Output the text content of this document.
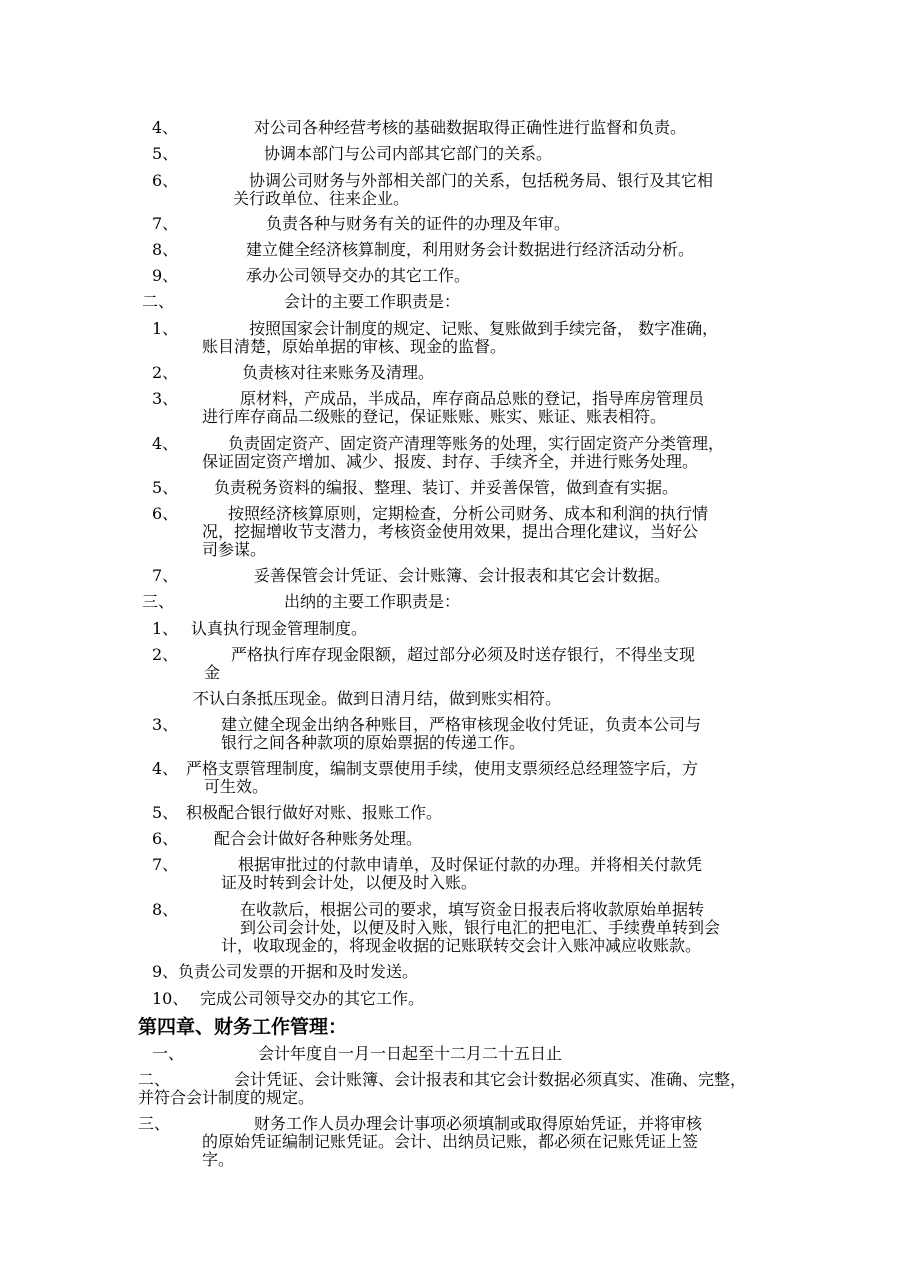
4、	对公司各种经营考核的基础数据取得正确性进行监督和负责。
5、	协调本部门与公司内部其它部门的关系。
6、	协调公司财务与外部相关部门的关系，包括税务局、银行及其它相
关行政单位、往来企业。
7、	负责各种与财务有关的证件的办理及年审。
8、	建立健全经济核算制度，利用财务会计数据进行经济活动分析。
9、	承办公司领导交办的其它工作。
二、	会计的主要工作职责是：
1、	按照国家会计制度的规定、记账、复账做到手续完备， 数字准确，
账目清楚，原始单据的审核、现金的监督。
2、	负责核对往来账务及清理。
3、	原材料，产成品，半成品，库存商品总账的登记，指导库房管理员
进行库存商品二级账的登记，保证账账、账实、账证、账表相符。
4、	负责固定资产、固定资产清理等账务的处理，实行固定资产分类管理，
保证固定资产增加、减少、报废、封存、手续齐全，并进行账务处理。
5、 负责税务资料的编报、整理、装订、并妥善保管，做到查有实据。
6、	按照经济核算原则，定期检查，分析公司财务、成本和利润的执行情
况，挖掘增收节支潜力，考核资金使用效果，提出合理化建议，当好公
司参谋。
7、	妥善保管会计凭证、会计账簿、会计报表和其它会计数据。
三、	出纳的主要工作职责是：
1、 认真执行现金管理制度。
2、	严格执行库存现金限额，超过部分必须及时送存银行，不得坐支现
金
不认白条抵压现金。做到日清月结，做到账实相符。
3、	建立健全现金出纳各种账目，严格审核现金收付凭证，负责本公司与
银行之间各种款项的原始票据的传递工作。
4、 严格支票管理制度，编制支票使用手续，使用支票须经总经理签字后，方
可生效。
5、 积极配合银行做好对账、报账工作。
6、 配合会计做好各种账务处理。
7、	根据审批过的付款申请单，及时保证付款的办理。并将相关付款凭
证及时转到会计处，以便及时入账。
8、	在收款后，根据公司的要求，填写资金日报表后将收款原始单据转
到公司会计处，以便及时入账，银行电汇的把电汇、手续费单转到会
计，收取现金的，将现金收据的记账联转交会计入账冲减应收账款。
9、 负责公司发票的开据和及时发送。
10、 完成公司领导交办的其它工作。
第四章、财务工作管理：
一、	会计年度自一月一日起至十二月二十五日止
二、	会计凭证、会计账簿、会计报表和其它会计数据必须真实、准确、完整，
并符合会计制度的规定。
三、	财务工作人员办理会计事项必须填制或取得原始凭证，并将审核
的原始凭证编制记账凭证。会计、出纳员记账，都必须在记账凭证上签
字。
